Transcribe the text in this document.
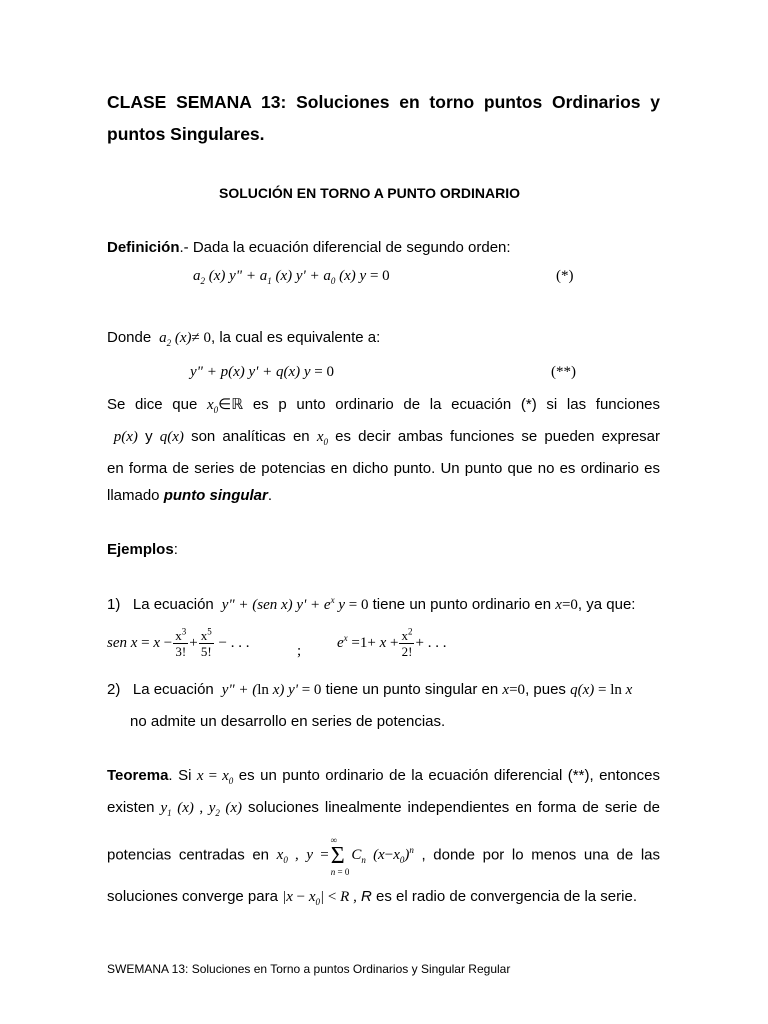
CLASE SEMANA 13: Soluciones en torno puntos Ordinarios y
puntos Singulares.
SOLUCIÓN EN TORNO A PUNTO ORDINARIO
Definición.- Dada la ecuación diferencial de segundo orden:
$a_2$ (x) y" + $a_1$ (x) $y' + a_0$ (x) y = 0	(*)
Donde  $a_2$ (x)≠ 0, la cual es equivalente a:
y" + p(x) y' + q(x) y = 0	(**)
Se dice que $x_0\in ℝ$ es p unto ordinario de la ecuación (*) si las funciones
p(x) y q(x) son analíticas en $x_0$ es decir ambas funciones se pueden expresar
en forma de series de potencias en dicho punto. Un punto que no es ordinario es
llamado punto singular.
Ejemplos:
1) La ecuación  y" + (sen x) $y' + e^x$ y = 0 tiene un punto ordinario en x=0, ya que:
sen $x = x - \frac{x^3}{3!} + \frac{x^5}{5!}$ − . . .
;
$e^x =1+ x + \frac{x^2}{2!}$ + . . .
2) La ecuación  y" + (ln x) y' = 0 tiene un punto singular en x=0, pues q(x) = ln x
no admite un desarrollo en series de potencias.
Teorema. Si $x = x_0$ es un punto ordinario de la ecuación diferencial (**), entonces
existen $y_1$ (x) , $y_2$ (x) soluciones linealmente independientes en forma de serie de
potencias centradas en $x_0$ , y =
∞
Σ
n = 0
$C_n$ $(x-x_0)^n$ , donde por lo menos una de las
soluciones converge para $|x - x_0| < R$ , R es el radio de convergencia de la serie.
SWEMANA 13: Soluciones en Torno a puntos Ordinarios y Singular Regular
